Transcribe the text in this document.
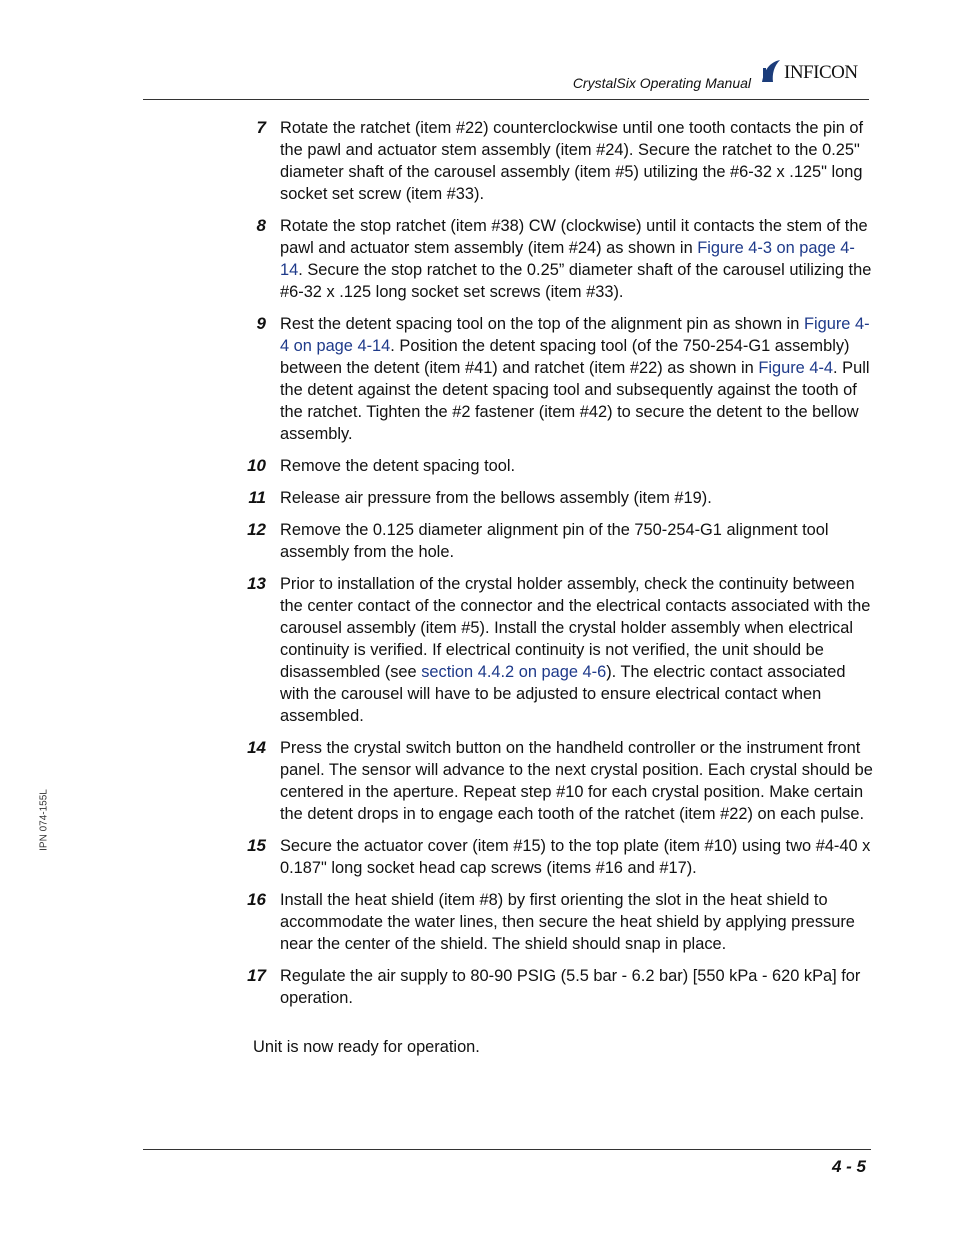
CrystalSix Operating Manual INFICON
IPN 074-155L
7 Rotate the ratchet (item #22) counterclockwise until one tooth contacts the pin of the pawl and actuator stem assembly (item #24). Secure the ratchet to the 0.25" diameter shaft of the carousel assembly (item #5) utilizing the #6-32 x .125" long socket set screw (item #33).
8 Rotate the stop ratchet (item #38) CW (clockwise) until it contacts the stem of the pawl and actuator stem assembly (item #24) as shown in Figure 4-3 on page 4-14. Secure the stop ratchet to the 0.25” diameter shaft of the carousel utilizing the #6-32 x .125 long socket set screws (item #33).
9 Rest the detent spacing tool on the top of the alignment pin as shown in Figure 4-4 on page 4-14. Position the detent spacing tool (of the 750-254-G1 assembly) between the detent (item #41) and ratchet (item #22) as shown in Figure 4-4. Pull the detent against the detent spacing tool and subsequently against the tooth of the ratchet. Tighten the #2 fastener (item #42) to secure the detent to the bellow assembly.
10 Remove the detent spacing tool.
11 Release air pressure from the bellows assembly (item #19).
12 Remove the 0.125 diameter alignment pin of the 750-254-G1 alignment tool assembly from the hole.
13 Prior to installation of the crystal holder assembly, check the continuity between the center contact of the connector and the electrical contacts associated with the carousel assembly (item #5). Install the crystal holder assembly when electrical continuity is verified. If electrical continuity is not verified, the unit should be disassembled (see section 4.4.2 on page 4-6). The electric contact associated with the carousel will have to be adjusted to ensure electrical contact when assembled.
14 Press the crystal switch button on the handheld controller or the instrument front panel. The sensor will advance to the next crystal position. Each crystal should be centered in the aperture. Repeat step #10 for each crystal position. Make certain the detent drops in to engage each tooth of the ratchet (item #22) on each pulse.
15 Secure the actuator cover (item #15) to the top plate (item #10) using two #4-40 x 0.187" long socket head cap screws (items #16 and #17).
16 Install the heat shield (item #8) by first orienting the slot in the heat shield to accommodate the water lines, then secure the heat shield by applying pressure near the center of the shield. The shield should snap in place.
17 Regulate the air supply to 80-90 PSIG (5.5 bar - 6.2 bar) [550 kPa - 620 kPa] for operation.
Unit is now ready for operation.
4 - 5
